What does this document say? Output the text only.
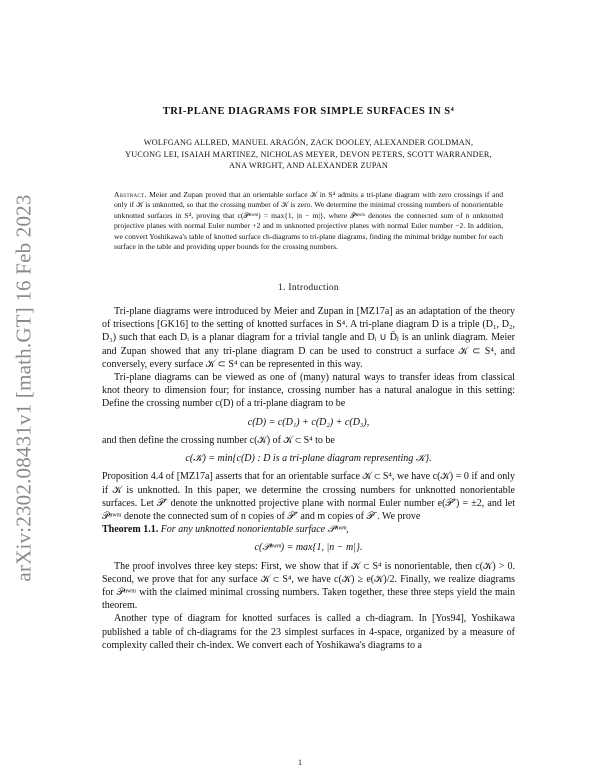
arXiv:2302.08431v1 [math.GT] 16 Feb 2023
TRI-PLANE DIAGRAMS FOR SIMPLE SURFACES IN S⁴
WOLFGANG ALLRED, MANUEL ARAGÓN, ZACK DOOLEY, ALEXANDER GOLDMAN,
YUCONG LEI, ISAIAH MARTINEZ, NICHOLAS MEYER, DEVON PETERS, SCOTT WARRANDER,
ANA WRIGHT, AND ALEXANDER ZUPAN
Abstract. Meier and Zupan proved that an orientable surface 𝒦 in S⁴ admits a tri-plane diagram with zero crossings if and only if 𝒦 is unknotted, so that the crossing number of 𝒦 is zero. We determine the minimal crossing numbers of nonorientable unknotted surfaces in S⁴, proving that c(𝒫ⁿʷᵐ) = max{1, |n − m|}, where 𝒫ⁿʷᵐ denotes the connected sum of n unknotted projective planes with normal Euler number +2 and m unknotted projective planes with normal Euler number −2. In addition, we convert Yoshikawa's table of knotted surface ch-diagrams to tri-plane diagrams, finding the minimal bridge number for each surface in the table and providing upper bounds for the crossing numbers.
1. Introduction

Tri-plane diagrams were introduced by Meier and Zupan in [MZ17a] as an adaptation of the theory of trisections [GK16] to the setting of knotted surfaces in S⁴. A tri-plane diagram D is a triple (D₁, D₂, D₃) such that each Dᵢ is a planar diagram for a trivial tangle and Dᵢ ∪ D̄ⱼ is an unlink diagram. Meier and Zupan showed that any tri-plane diagram D can be used to construct a surface 𝒦 ⊂ S⁴, and conversely, every surface 𝒦 ⊂ S⁴ can be represented in this way.

Tri-plane diagrams can be viewed as one of (many) natural ways to transfer ideas from classical knot theory to dimension four; for instance, crossing number has a natural analogue in this setting: Define the crossing number c(D) of a tri-plane diagram to be

c(D) = c(D₁) + c(D₂) + c(D₃),

and then define the crossing number c(𝒦) of 𝒦 ⊂ S⁴ to be

c(𝒦) = min{c(D) : D is a tri-plane diagram representing 𝒦}.

Proposition 4.4 of [MZ17a] asserts that for an orientable surface 𝒦 ⊂ S⁴, we have c(𝒦) = 0 if and only if 𝒦 is unknotted. In this paper, we determine the crossing numbers for unknotted nonorientable surfaces. Let 𝒫⁺ denote the unknotted projective plane with normal Euler number e(𝒫⁺) = ±2, and let 𝒫ⁿʷᵐ denote the connected sum of n copies of 𝒫⁺ and m copies of 𝒫⁻. We prove

Theorem 1.1. For any unknotted nonorientable surface 𝒫ⁿʷᵐ,

c(𝒫ⁿʷᵐ) = max{1, |n − m|}.

The proof involves three key steps: First, we show that if 𝒦 ⊂ S⁴ is nonorientable, then c(𝒦) > 0. Second, we prove that for any surface 𝒦 ⊂ S⁴, we have c(𝒦) ≥ e(𝒦)/2. Finally, we realize diagrams for 𝒫ⁿʷᵐ with the claimed minimal crossing numbers. Taken together, these three steps yield the main theorem.

Another type of diagram for knotted surfaces is called a ch-diagram. In [Yos94], Yoshikawa published a table of ch-diagrams for the 23 simplest surfaces in 4-space, organized by a measure of complexity called their ch-index. We convert each of Yoshikawa's diagrams to a

1
